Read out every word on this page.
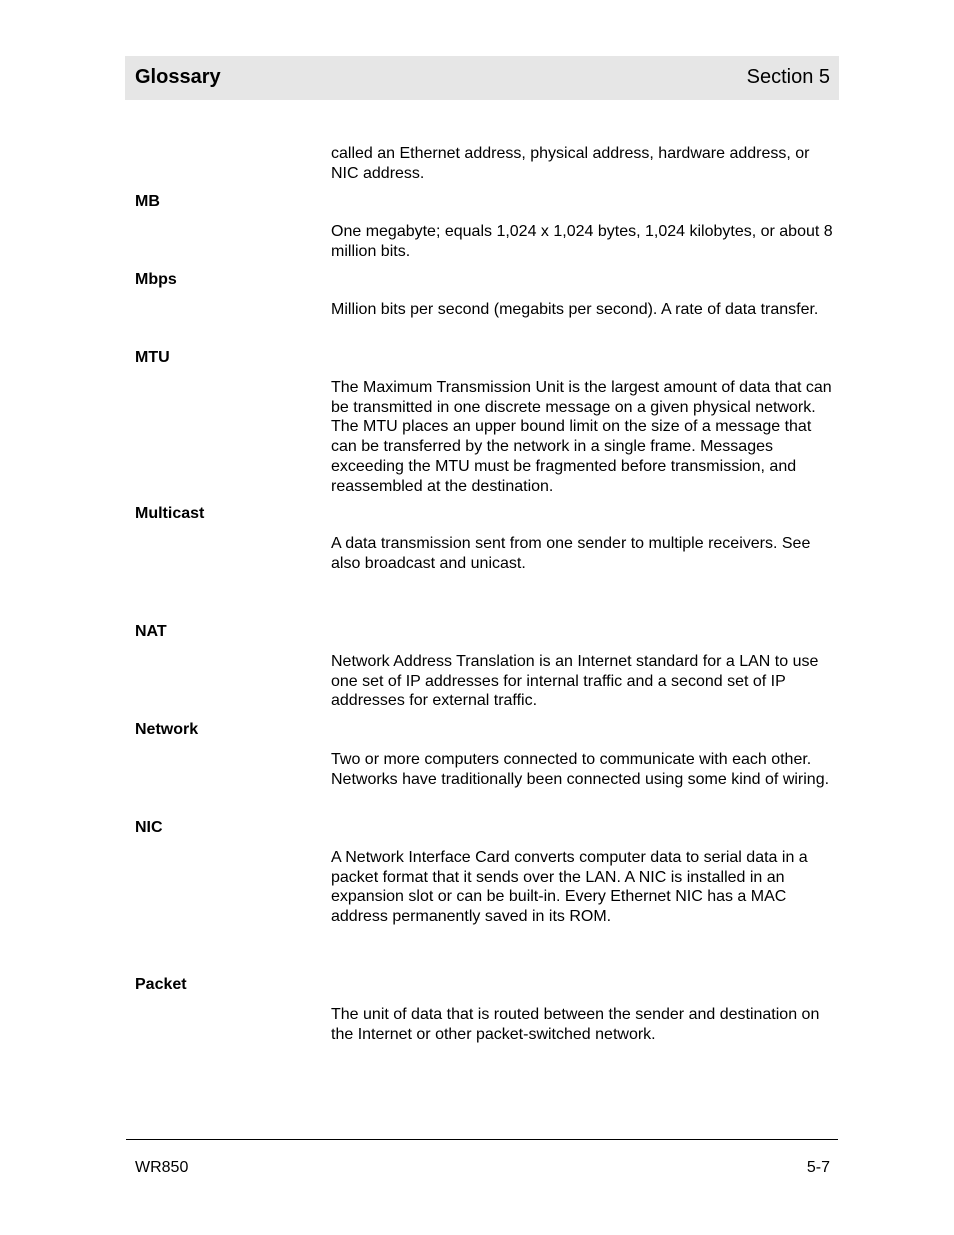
Glossary	Section 5
called an Ethernet address, physical address, hardware address, or NIC address.
MB
One megabyte; equals 1,024 x 1,024 bytes, 1,024 kilobytes, or about 8 million bits.
Mbps
Million bits per second (megabits per second). A rate of data transfer.
MTU
The Maximum Transmission Unit is the largest amount of data that can be transmitted in one discrete message on a given physical network. The MTU places an upper bound limit on the size of a message that can be transferred by the network in a single frame. Messages exceeding the MTU must be fragmented before transmission, and reassembled at the destination.
Multicast
A data transmission sent from one sender to multiple receivers. See also broadcast and unicast.
NAT
Network Address Translation is an Internet standard for a LAN to use one set of IP addresses for internal traffic and a second set of IP addresses for external traffic.
Network
Two or more computers connected to communicate with each other. Networks have traditionally been connected using some kind of wiring.
NIC
A Network Interface Card converts computer data to serial data in a packet format that it sends over the LAN. A NIC is installed in an expansion slot or can be built-in. Every Ethernet NIC has a MAC address permanently saved in its ROM.
Packet
The unit of data that is routed between the sender and destination on the Internet or other packet-switched network.
WR850	5-7
